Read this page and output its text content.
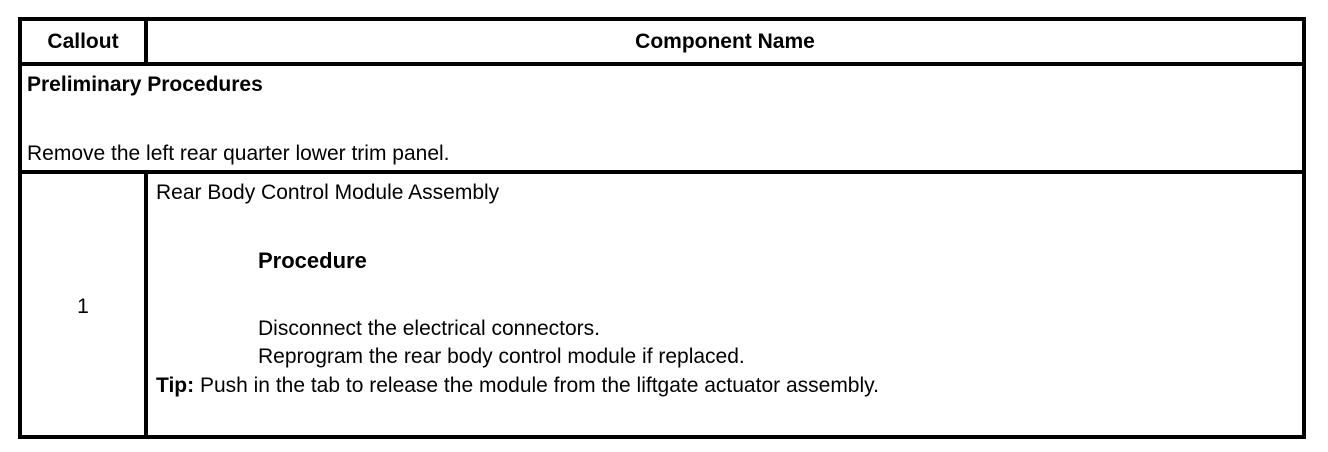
Callout	Component Name
Preliminary Procedures
Remove the left rear quarter lower trim panel.
1
Rear Body Control Module Assembly
Procedure
Disconnect the electrical connectors.
Reprogram the rear body control module if replaced.
Tip: Push in the tab to release the module from the liftgate actuator assembly.
